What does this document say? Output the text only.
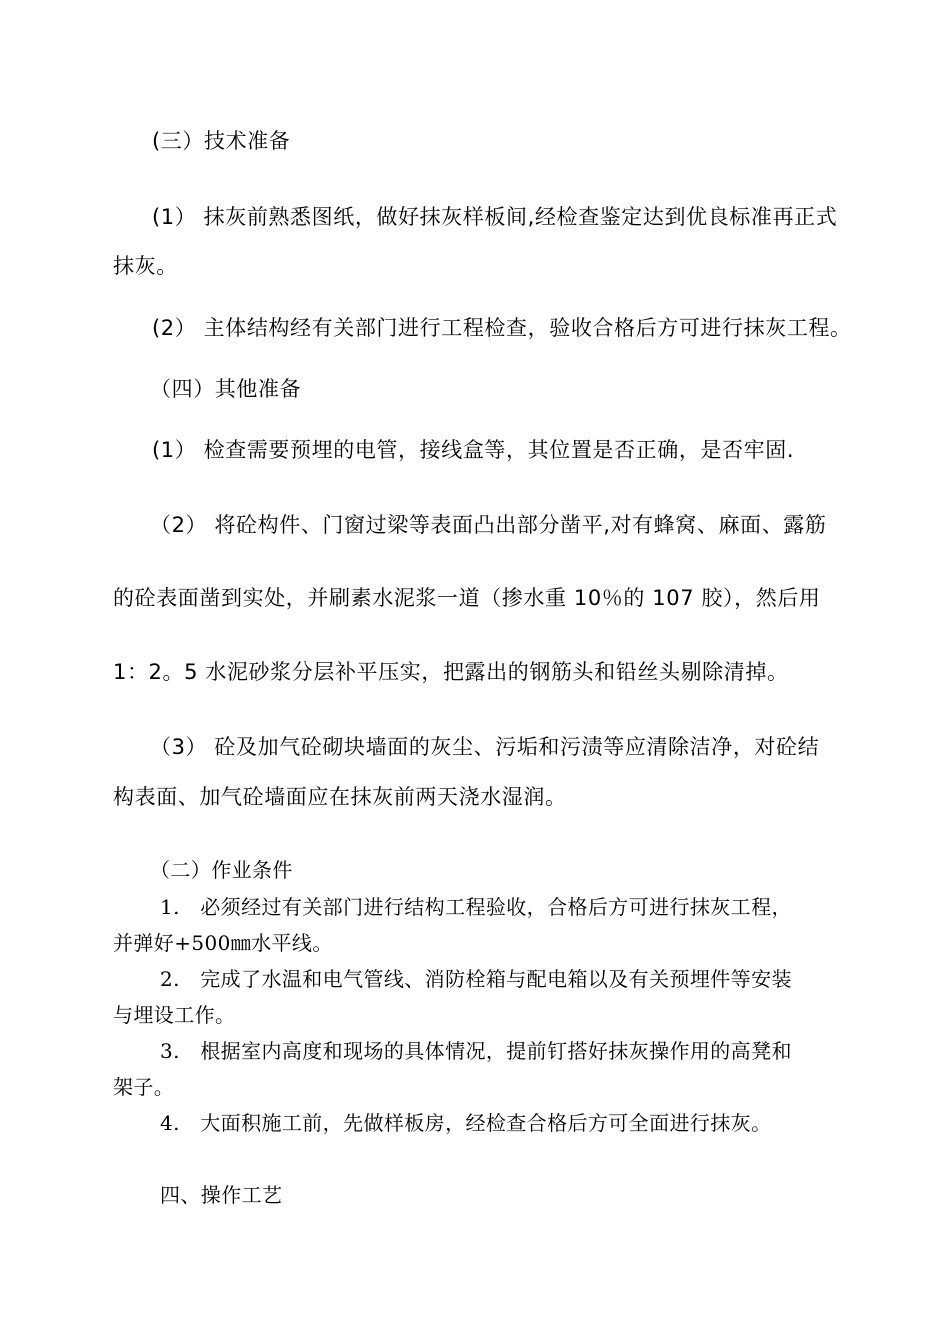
(三）技术准备
(1） 抹灰前熟悉图纸，做好抹灰样板间,经检查鉴定达到优良标准再正式
抹灰。
(2） 主体结构经有关部门进行工程检查，验收合格后方可进行抹灰工程。
（四）其他准备
(1） 检查需要预埋的电管，接线盒等，其位置是否正确，是否牢固.
（2） 将砼构件、门窗过梁等表面凸出部分凿平,对有蜂窝、麻面、露筋
的砼表面凿到实处，并刷素水泥浆一道（掺水重 10％的 107 胶），然后用
1：2。5 水泥砂浆分层补平压实，把露出的钢筋头和铅丝头剔除清掉。
（3） 砼及加气砼砌块墙面的灰尘、污垢和污渍等应清除洁净，对砼结
构表面、加气砼墙面应在抹灰前两天浇水湿润。
（二）作业条件
1.　必须经过有关部门进行结构工程验收，合格后方可进行抹灰工程，
并弹好+500㎜水平线。
2.　完成了水温和电气管线、消防栓箱与配电箱以及有关预埋件等安装
与埋设工作。
3.　根据室内高度和现场的具体情况，提前钉搭好抹灰操作用的高凳和
架子。
4.　大面积施工前，先做样板房，经检查合格后方可全面进行抹灰。
四、操作工艺
